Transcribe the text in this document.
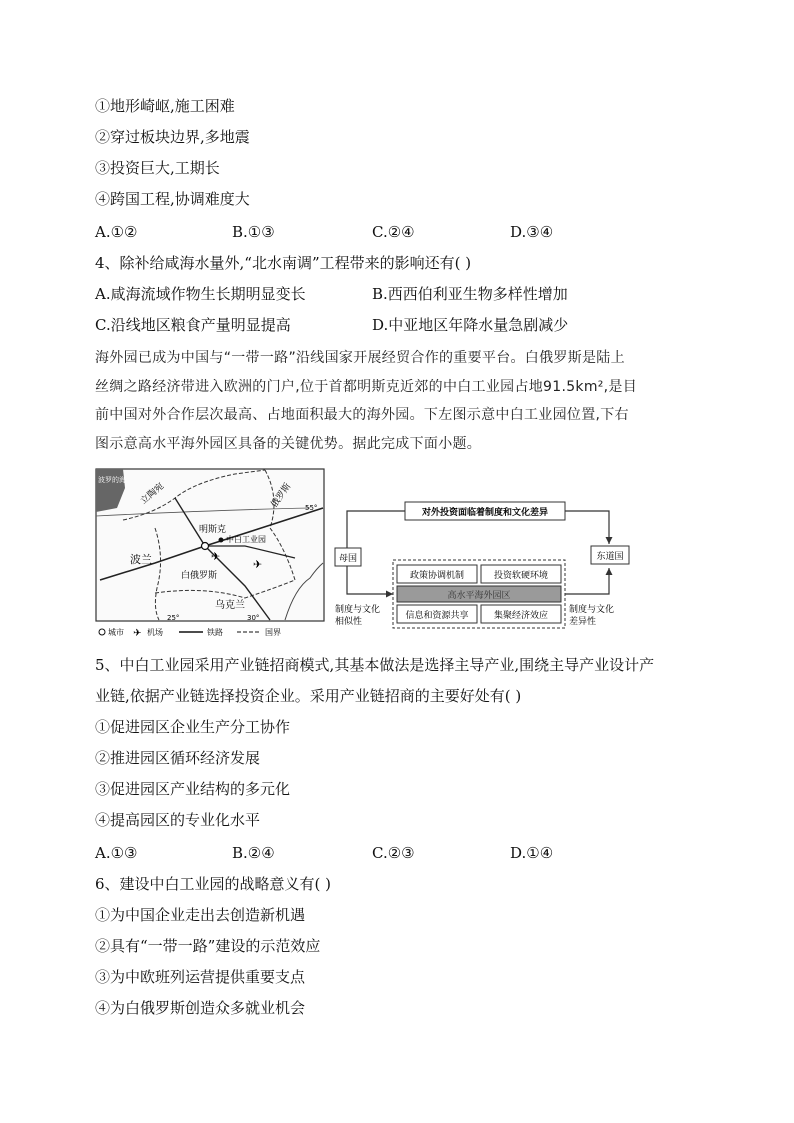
①地形崎岖,施工困难
②穿过板块边界,多地震
③投资巨大,工期长
④跨国工程,协调难度大
A.①②	B.①③	C.②④	D.③④
4、除补给咸海水量外,“北水南调”工程带来的影响还有( )
A.咸海流域作物生长期明显变长	B.西西伯利亚生物多样性增加
C.沿线地区粮食产量明显提高	D.中亚地区年降水量急剧减少
海外园已成为中国与“一带一路”沿线国家开展经贸合作的重要平台。白俄罗斯是陆上
丝绸之路经济带进入欧洲的门户,位于首都明斯克近郊的中白工业园占地91.5km²,是目
前中国对外合作层次最高、占地面积最大的海外园。下左图示意中白工业园位置,下右
图示意高水平海外园区具备的关键优势。据此完成下面小题。
✈
✈
波罗的海
立陶宛	俄罗斯
明斯克
中白工业园
波兰
白俄罗斯
乌克兰
55°
25°	30°
城市 ✈ 机场	铁路	国界
对外投资面临着制度和文化差异
母国	东道国
政策协调机制	投资软硬环境
高水平海外园区
信息和资源共享	集聚经济效应
制度与文化
相似性
制度与文化
差异性
5、中白工业园采用产业链招商模式,其基本做法是选择主导产业,围绕主导产业设计产
业链,依据产业链选择投资企业。采用产业链招商的主要好处有( )
①促进园区企业生产分工协作
②推进园区循环经济发展
③促进园区产业结构的多元化
④提高园区的专业化水平
A.①③	B.②④	C.②③	D.①④
6、建设中白工业园的战略意义有( )
①为中国企业走出去创造新机遇
②具有“一带一路”建设的示范效应
③为中欧班列运营提供重要支点
④为白俄罗斯创造众多就业机会
